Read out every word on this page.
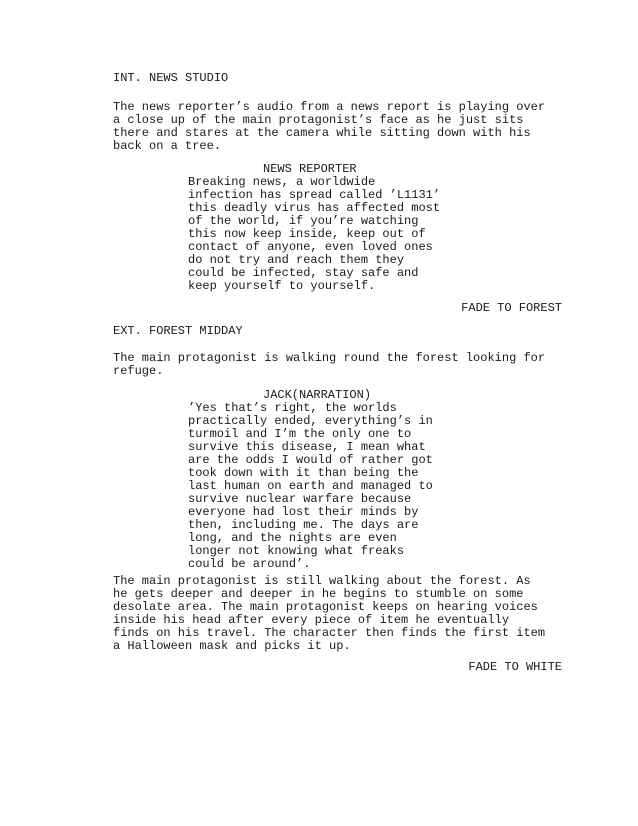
INT. NEWS STUDIO
The news reporter’s audio from a news report is playing over
a close up of the main protagonist’s face as he just sits
there and stares at the camera while sitting down with his
back on a tree.
NEWS REPORTER
Breaking news, a worldwide
infection has spread called ’L1131’
this deadly virus has affected most
of the world, if you’re watching
this now keep inside, keep out of
contact of anyone, even loved ones
do not try and reach them they
could be infected, stay safe and
keep yourself to yourself.
FADE TO FOREST
EXT. FOREST MIDDAY
The main protagonist is walking round the forest looking for
refuge.
JACK(NARRATION)
’Yes that’s right, the worlds
practically ended, everything’s in
turmoil and I’m the only one to
survive this disease, I mean what
are the odds I would of rather got
took down with it than being the
last human on earth and managed to
survive nuclear warfare because
everyone had lost their minds by
then, including me. The days are
long, and the nights are even
longer not knowing what freaks
could be around’.
The main protagonist is still walking about the forest. As
he gets deeper and deeper in he begins to stumble on some
desolate area. The main protagonist keeps on hearing voices
inside his head after every piece of item he eventually
finds on his travel. The character then finds the first item
a Halloween mask and picks it up.
FADE TO WHITE
